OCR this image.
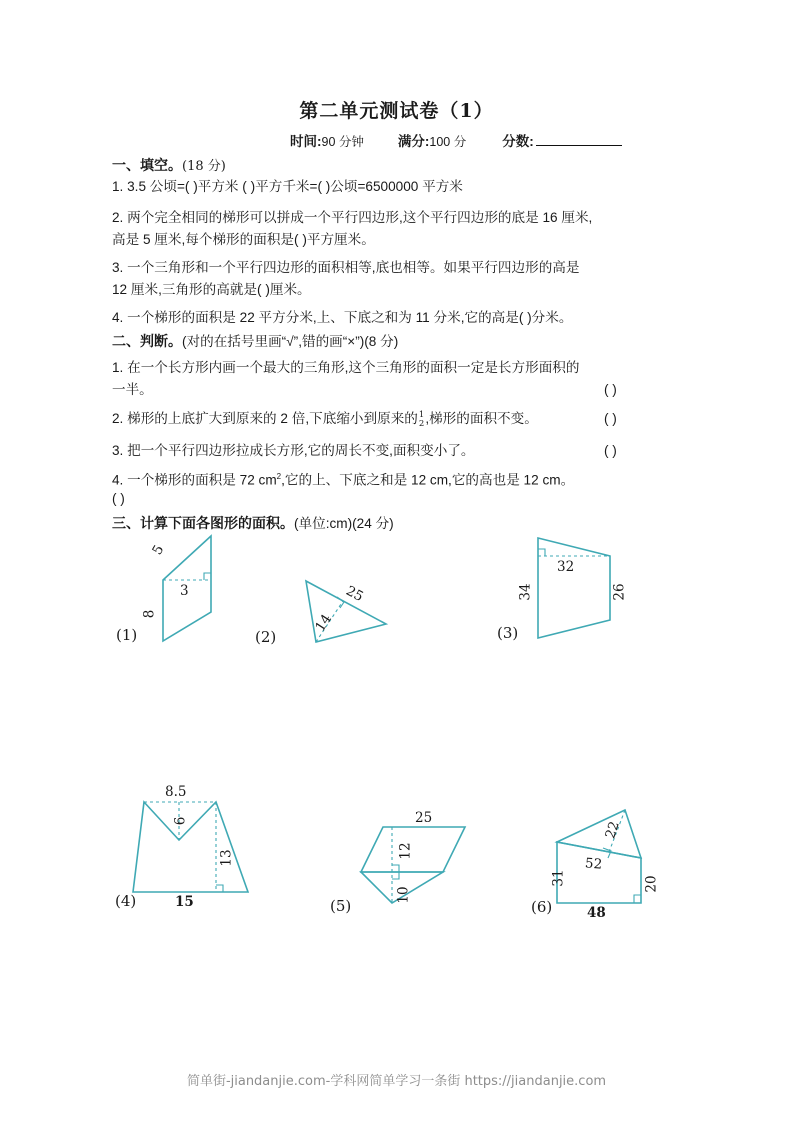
第二单元测试卷（1）
时间: 90 分钟	满分: 100 分	分数:
一、填空。(18 分)
1. 3.5 公顷=( )平方米 ( )平方千米=( )公顷=6500000 平方米
2. 两个完全相同的梯形可以拼成一个平行四边形,这个平行四边形的底是 16 厘米,
高是 5 厘米,每个梯形的面积是( )平方厘米。
3. 一个三角形和一个平行四边形的面积相等,底也相等。如果平行四边形的高是
12 厘米,三角形的高就是( )厘米。
4. 一个梯形的面积是 22 平方分米,上、下底之和为 11 分米,它的高是( )分米。
二、判断。(对的在括号里画“√”,错的画“×”)(8 分)
1. 在一个长方形内画一个最大的三角形,这个三角形的面积一定是长方形面积的
一半。	( )
2. 梯形的上底扩大到原来的 2 倍,下底缩小到原来的 1
2 ,梯形的面积不变。	( )
3. 把一个平行四边形拉成长方形,它的周长不变,面积变小了。	( )
4. 一个梯形的面积是 72 $cm^2$,它的上、下底之和是 12 cm,它的高也是 12 cm。
( )
三、计算下面各图形的面积。(单位:cm)(24 分)
5
3
8
(1)
25
14
(2)
32
34	26
(3)
8.5
6
13
15
(4)
25
12
10
(5)
22
52
31	20
48
(6)
简单街-jiandanjie.com-学科网简单学习一条街 https://jiandanjie.com
